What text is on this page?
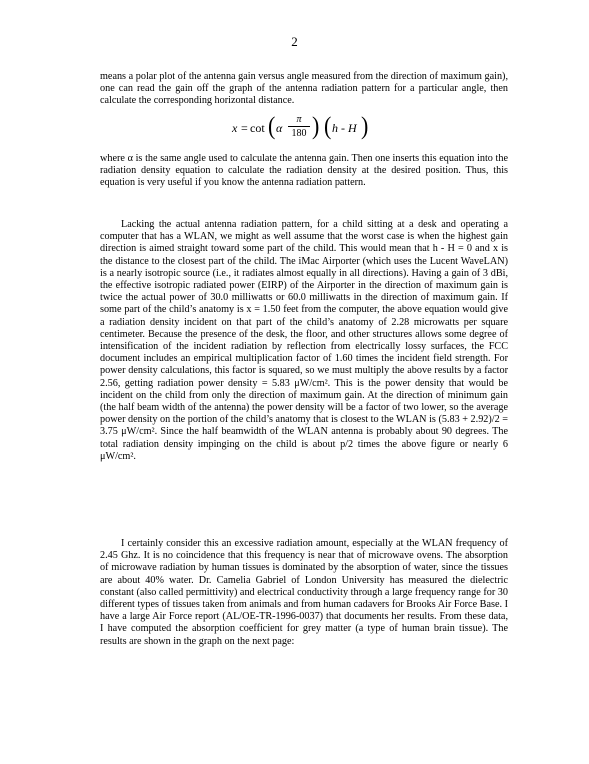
2
means a polar plot of the antenna gain versus angle measured from the direction of maximum gain), one can read the gain off the graph of the antenna radiation pattern for a particular angle, then calculate the corresponding horizontal distance.
x = cot ( α
π
180 ) ( h - H )
where α is the same angle used to calculate the antenna gain. Then one inserts this equation into the radiation density equation to calculate the radiation density at the desired position. Thus, this equation is very useful if you know the antenna radiation pattern.
Lacking the actual antenna radiation pattern, for a child sitting at a desk and operating a computer that has a WLAN, we might as well assume that the worst case is when the highest gain direction is aimed straight toward some part of the child. This would mean that h - H = 0 and x is the distance to the closest part of the child. The iMac Airporter (which uses the Lucent WaveLAN) is a nearly isotropic source (i.e., it radiates almost equally in all directions). Having a gain of 3 dBi, the effective isotropic radiated power (EIRP) of the Airporter in the direction of maximum gain is twice the actual power of 30.0 milliwatts or 60.0 milliwatts in the direction of maximum gain. If some part of the child’s anatomy is x = 1.50 feet from the computer, the above equation would give a radiation density incident on that part of the child’s anatomy of 2.28 microwatts per square centimeter. Because the presence of the desk, the floor, and other structures allows some degree of intensification of the incident radiation by reflection from electrically lossy surfaces, the FCC document includes an empirical multiplication factor of 1.60 times the incident field strength. For power density calculations, this factor is squared, so we must multiply the above results by a factor 2.56, getting radiation power density = 5.83 μW/cm². This is the power density that would be incident on the child from only the direction of maximum gain. At the direction of minimum gain (the half beam width of the antenna) the power density will be a factor of two lower, so the average power density on the portion of the child’s anatomy that is closest to the WLAN is (5.83 + 2.92)/2 = 3.75 μW/cm². Since the half beamwidth of the WLAN antenna is probably about 90 degrees. The total radiation density impinging on the child is about p/2 times the above figure or nearly 6 μW/cm².
I certainly consider this an excessive radiation amount, especially at the WLAN frequency of 2.45 Ghz. It is no coincidence that this frequency is near that of microwave ovens. The absorption of microwave radiation by human tissues is dominated by the absorption of water, since the tissues are about 40% water. Dr. Camelia Gabriel of London University has measured the dielectric constant (also called permittivity) and electrical conductivity through a large frequency range for 30 different types of tissues taken from animals and from human cadavers for Brooks Air Force Base. I have a large Air Force report (AL/OE-TR-1996-0037) that documents her results. From these data, I have computed the absorption coefficient for grey matter (a type of human brain tissue). The results are shown in the graph on the next page:
